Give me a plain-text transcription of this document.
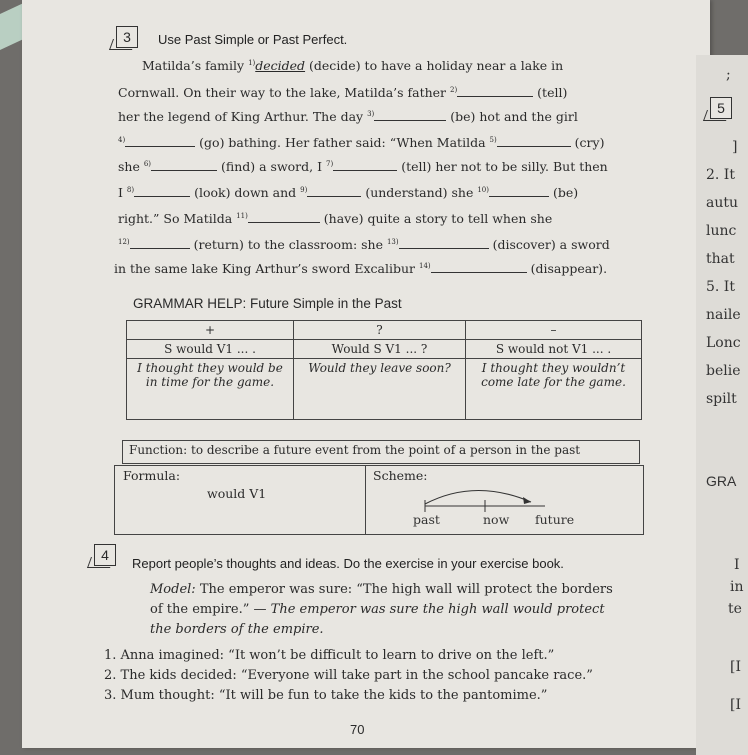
3 Use Past Simple or Past Perfect.
Matilda’s family $^{1)}$decided (decide) to have a holiday near a lake in
Cornwall. On their way to the lake, Matilda’s father $^{2)}$	(tell)
her the legend of King Arthur. The day $^{3)}$	(be) hot and the girl
$^{4)}$	(go) bathing. Her father said: “When Matilda $^{5)}$	(cry)
she $^{6)}$	(find) a sword, I $^{7)}$	(tell) her not to be silly. But then
I $^{8)}$	(look) down and $^{9)}$	(understand) she $^{10)}$	(be)
right.” So Matilda $^{11)}$	(have) quite a story to tell when she
$^{12)}$	(return) to the classroom: she $^{13)}$	(discover) a sword
in the same lake King Arthur’s sword Excalibur $^{14)}$	(disappear).
GRAMMAR HELP: Future Simple in the Past
+	?	–
S would V1 ... .	Would S V1 ... ?	S would not V1 ... .
I thought they would be in time for the game.	Would they leave soon?	I thought they wouldn’t come late for the game.
Function: to describe a future event from the point of a person in the past
Formula:
would V1
Scheme:
past	now future
4
Report people’s thoughts and ideas. Do the exercise in your exercise book.
Model: The emperor was sure: “The high wall will protect the borders
of the empire.” — The emperor was sure the high wall would protect
the borders of the empire.
1. Anna imagined: “It won’t be difficult to learn to drive on the left.”
2. The kids decided: “Everyone will take part in the school pancake race.”
3. Mum thought: “It will be fun to take the kids to the pantomime.”
70
5
;
]
2. It
autu
lunc
that
5. It
naile
Lonc
belie
spilt
GRA
I
in
te
[I
[I
